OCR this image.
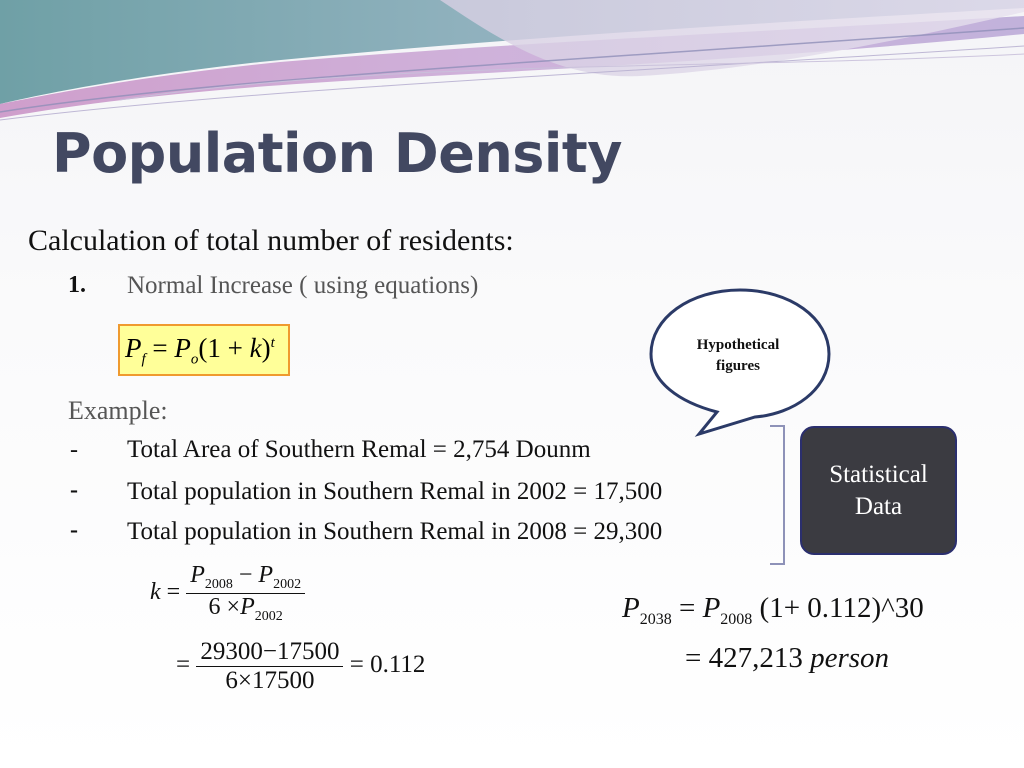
Population Density
Calculation of total number of residents:
1. Normal Increase ( using equations)
$P_f = P_o(1 + k)^t$
Example:
- Total Area of Southern Remal = 2,754 Dounm
- Total population in Southern Remal in 2002 = 17,500
- Total population in Southern Remal in 2008 = 29,300
Hypothetical
figures
Statistical
Data
$k = \frac{P_{2008} - P_{2002}}{6 \times P_{2002}}$
= $\frac{29300-17500}{6\times 17500} = 0.112$
$P_{2038} = P_{2008}$ (1+ 0.112)^30
= 427,213 person
